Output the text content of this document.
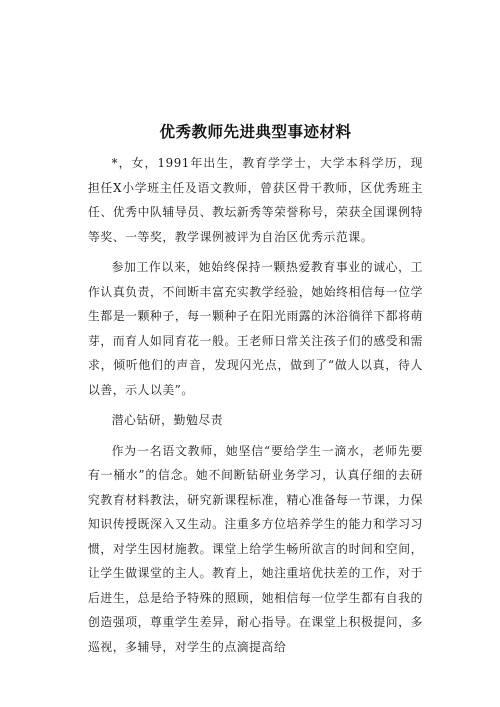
优秀教师先进典型事迹材料

*，女，1991年出生，教育学学士，大学本科学历，现担任X小学班主任及语文教师，曾获区骨干教师，区优秀班主任、优秀中队辅导员、教坛新秀等荣誉称号，荣获全国课例特等奖、一等奖，教学课例被评为自治区优秀示范课。

参加工作以来，她始终保持一颗热爱教育事业的诚心，工作认真负责，不间断丰富充实教学经验，她始终相信每一位学生都是一颗种子，每一颗种子在阳光雨露的沐浴徜徉下都将萌芽，而育人如同育花一般。王老师日常关注孩子们的感受和需求，倾听他们的声音，发现闪光点，做到了“做人以真，待人以善，示人以美”。

潜心钻研，勤勉尽责

作为一名语文教师，她坚信“要给学生一滴水，老师先要有一桶水”的信念。她不间断钻研业务学习，认真仔细的去研究教育材料教法，研究新课程标准，精心准备每一节课，力保知识传授既深入又生动。注重多方位培养学生的能力和学习习惯，对学生因材施教。课堂上给学生畅所欲言的时间和空间，让学生做课堂的主人。教育上，她注重培优扶差的工作，对于后进生，总是给予特殊的照顾，她相信每一位学生都有自我的创造强项，尊重学生差异，耐心指导。在课堂上积极提问，多巡视，多辅导，对学生的点滴提高给
